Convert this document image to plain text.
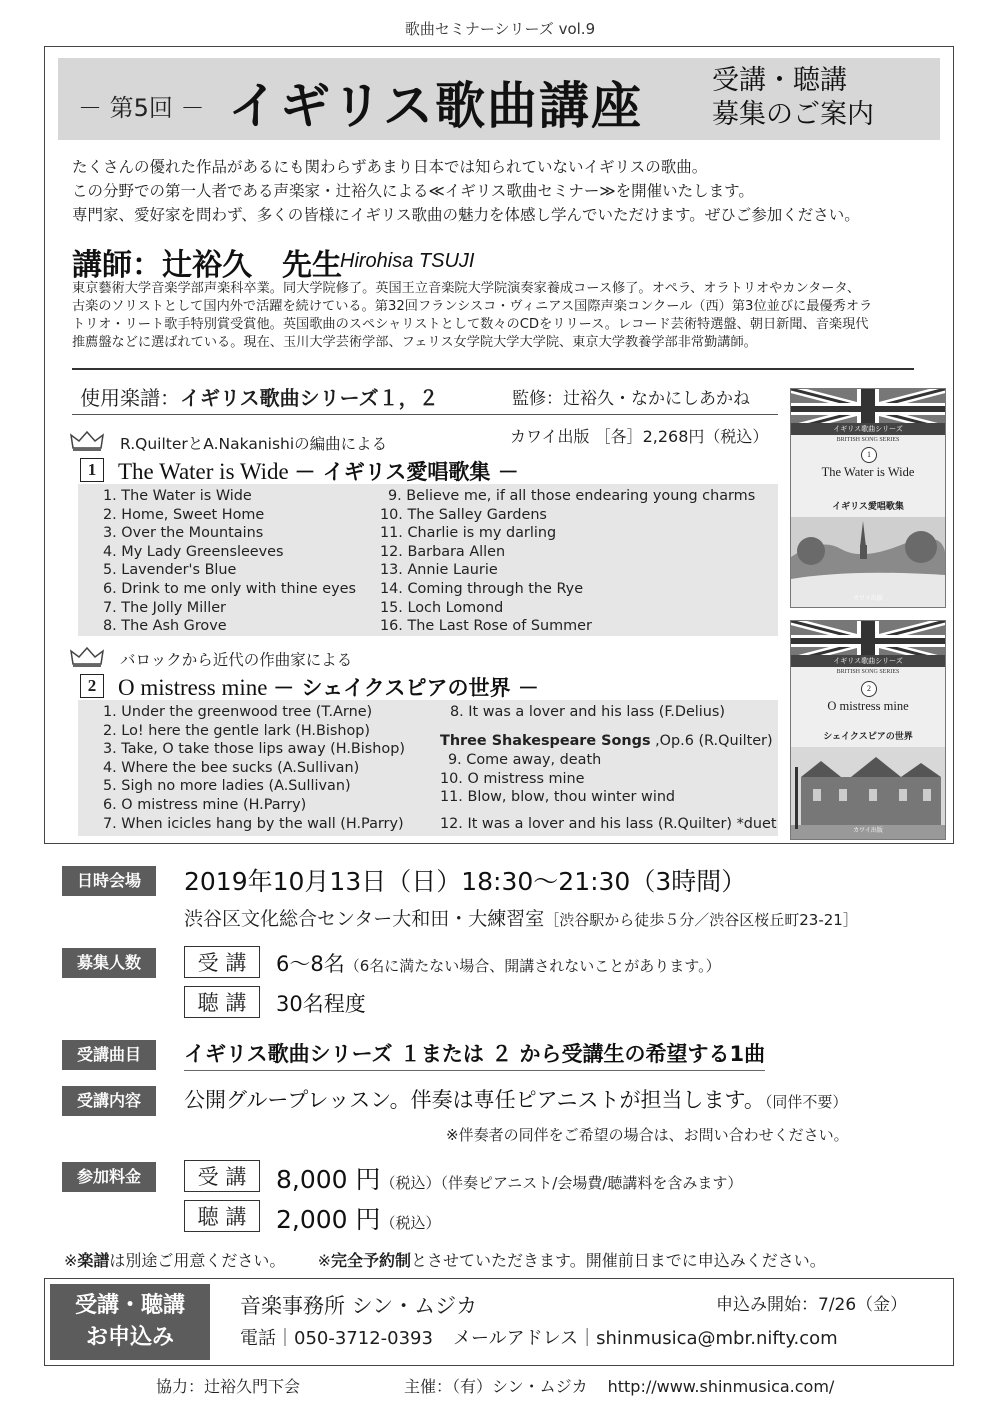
歌曲セミナーシリーズ vol.9
－ 第5回 － イギリス歌曲講座	受講・聴講
募集のご案内
たくさんの優れた作品があるにも関わらずあまり日本では知られていないイギリスの歌曲。
この分野での第一人者である声楽家・辻裕久による≪イギリス歌曲セミナー≫を開催いたします。
専門家、愛好家を問わず、多くの皆様にイギリス歌曲の魅力を体感し学んでいただけます。ぜひご参加ください。
講師：辻裕久　先生
Hirohisa TSUJI
東京藝術大学音楽学部声楽科卒業。同大学院修了。英国王立音楽院大学院演奏家養成コース修了。オペラ、オラトリオやカンタータ、
古楽のソリストとして国内外で活躍を続けている。第32回フランシスコ・ヴィニアス国際声楽コンクール（西）第3位並びに最優秀オラ
トリオ・リート歌手特別賞受賞他。英国歌曲のスペシャリストとして数々のCDをリリース。レコード芸術特選盤、朝日新聞、音楽現代
推薦盤などに選ばれている。現在、玉川大学芸術学部、フェリス女学院大学大学院、東京大学教養学部非常勤講師。
使用楽譜：イギリス歌曲シリーズ１，２	監修：辻裕久・なかにしあかね
カワイ出版 ［各］2,268円（税込）
R.QuilterとA.Nakanishiの編曲による
1 The Water is Wide － イギリス愛唱歌集 －
1. The Water is Wide
2. Home, Sweet Home
3. Over the Mountains
4. My Lady Greensleeves
5. Lavender's Blue
6. Drink to me only with thine eyes
7. The Jolly Miller
8. The Ash Grove
9. Believe me, if all those endearing young charms
10. The Salley Gardens
11. Charlie is my darling
12. Barbara Allen
13. Annie Laurie
14. Coming through the Rye
15. Loch Lomond
16. The Last Rose of Summer
バロックから近代の作曲家による
2 O mistress mine － シェイクスピアの世界 －
1. Under the greenwood tree (T.Arne)
2. Lo! here the gentle lark (H.Bishop)
3. Take, O take those lips away (H.Bishop)
4. Where the bee sucks (A.Sullivan)
5. Sigh no more ladies (A.Sullivan)
6. O mistress mine (H.Parry)
7. When icicles hang by the wall (H.Parry)
8. It was a lover and his lass (F.Delius)
Three Shakespeare Songs ,Op.6 (R.Quilter)
9. Come away, death
10. O mistress mine
11. Blow, blow, thou winter wind
12. It was a lover and his lass (R.Quilter) *duet
イギリス歌曲シリーズ
BRITISH SONG SERIES
1
The Water is Wide
イギリス愛唱歌集
カワイ出版
イギリス歌曲シリーズ
BRITISH SONG SERIES
2
O mistress mine
シェイクスピアの世界
カワイ出版
日時会場	2019年10月13日（日）18:30～21:30（3時間）
渋谷区文化総合センター大和田・大練習室［渋谷駅から徒歩５分／渋谷区桜丘町23-21］
募集人数	受 講	6～8名（6名に満たない場合、開講されないことがあります。）
聴 講	30名程度
受講曲目	イギリス歌曲シリーズ １または ２ から受講生の希望する1曲
受講内容	公開グループレッスン。伴奏は専任ピアニストが担当します。（同伴不要）
※伴奏者の同伴をご希望の場合は、お問い合わせください。
参加料金	受 講	8,000 円（税込）（伴奏ピアニスト/会場費/聴講料を含みます）
聴 講	2,000 円（税込）
※楽譜は別途ご用意ください。 ※完全予約制とさせていただきます。開催前日までに申込みください。
受講・聴講
お申込み
音楽事務所 シン・ムジカ	申込み開始：7/26（金）
電話｜050-3712-0393 メールアドレス｜shinmusica@mbr.nifty.com
協力：辻裕久門下会	主催：（有）シン・ムジカ http://www.shinmusica.com/
